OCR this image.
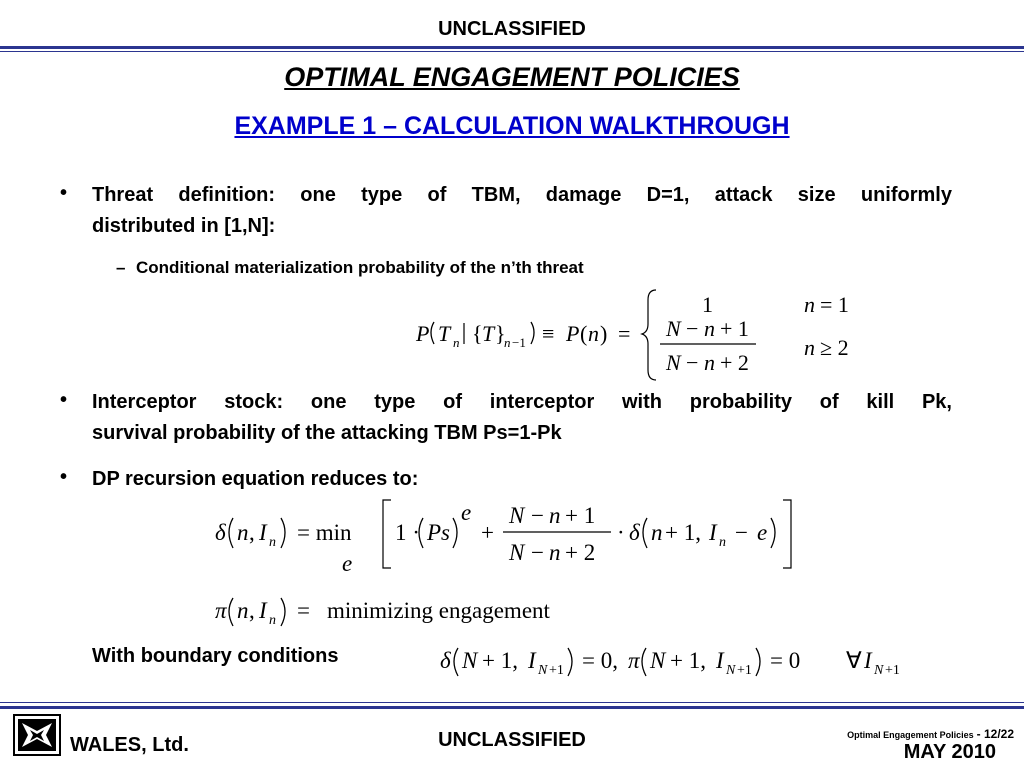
UNCLASSIFIED
OPTIMAL ENGAGEMENT POLICIES
EXAMPLE 1 – CALCULATION WALKTHROUGH
• Threat definition: one type of TBM, damage D=1, attack size uniformly
distributed in [1,N]:
– Conditional materialization probability of the n’th threat
P T n { T }
n −1 ≡ P ( n ) =
1	n = 1
N − n + 1
N − n + 2
n ≥ 2
• Interceptor stock: one type of interceptor with probability of kill Pk,
survival probability of the attacking TBM Ps=1-Pk
• DP recursion equation reduces to:
δ n , I n = min
e
1 · Ps
e
+
N − n + 1
N − n + 2
· δ n + 1, I n − e
π n , I n = minimizing engagement
With boundary conditions	δ N + 1, I N +1 = 0, π N + 1, I N +1 = 0 ∀ I N +1
WALES, Ltd.	UNCLASSIFIED	Optimal Engagement Policies - 12/22
MAY 2010
